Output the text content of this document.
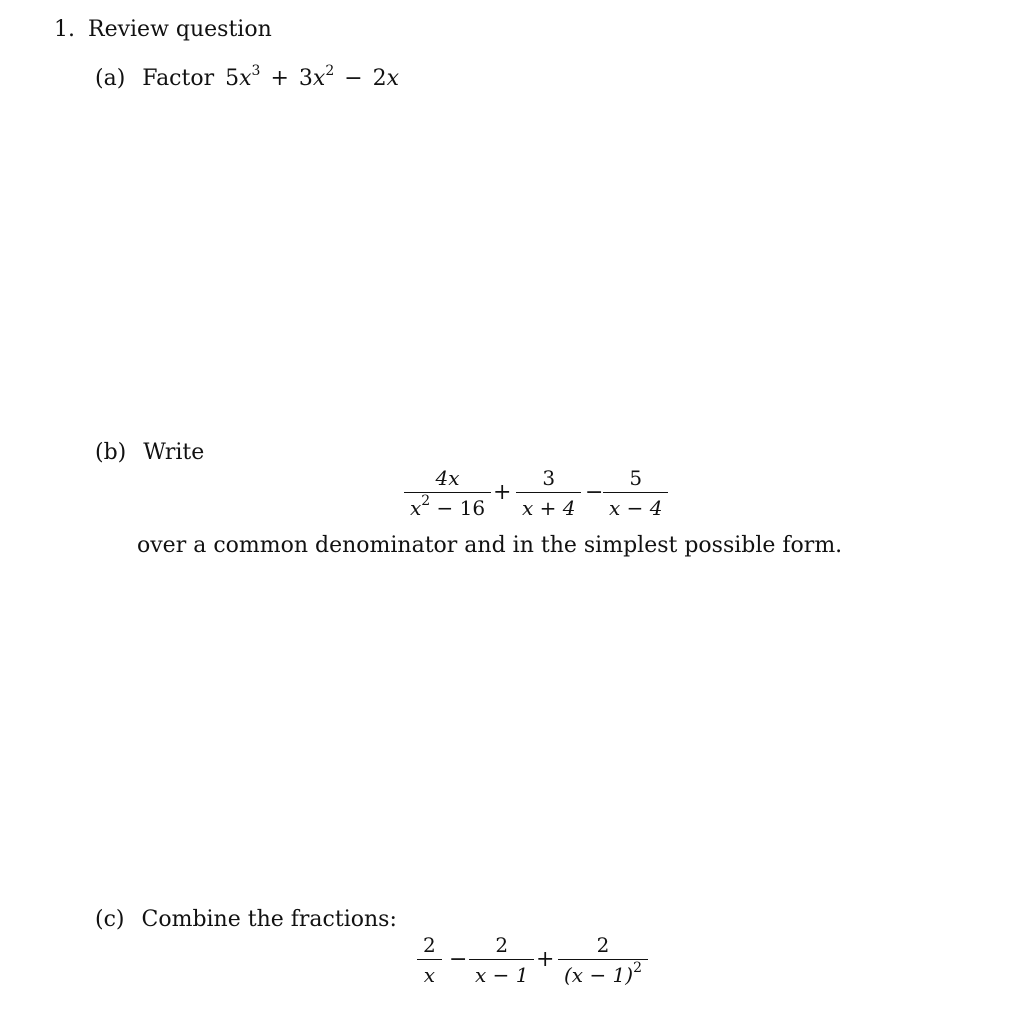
1. Review question
(a) Factor $5x^3 + 3x^2 - 2x$
(b) Write
4x
$x^2 - 16$
+
3
x + 4
−
5
x − 4
over a common denominator and in the simplest possible form.
(c) Combine the fractions:
2
x
−
2
x − 1
+
2
$(x - 1)^2$
